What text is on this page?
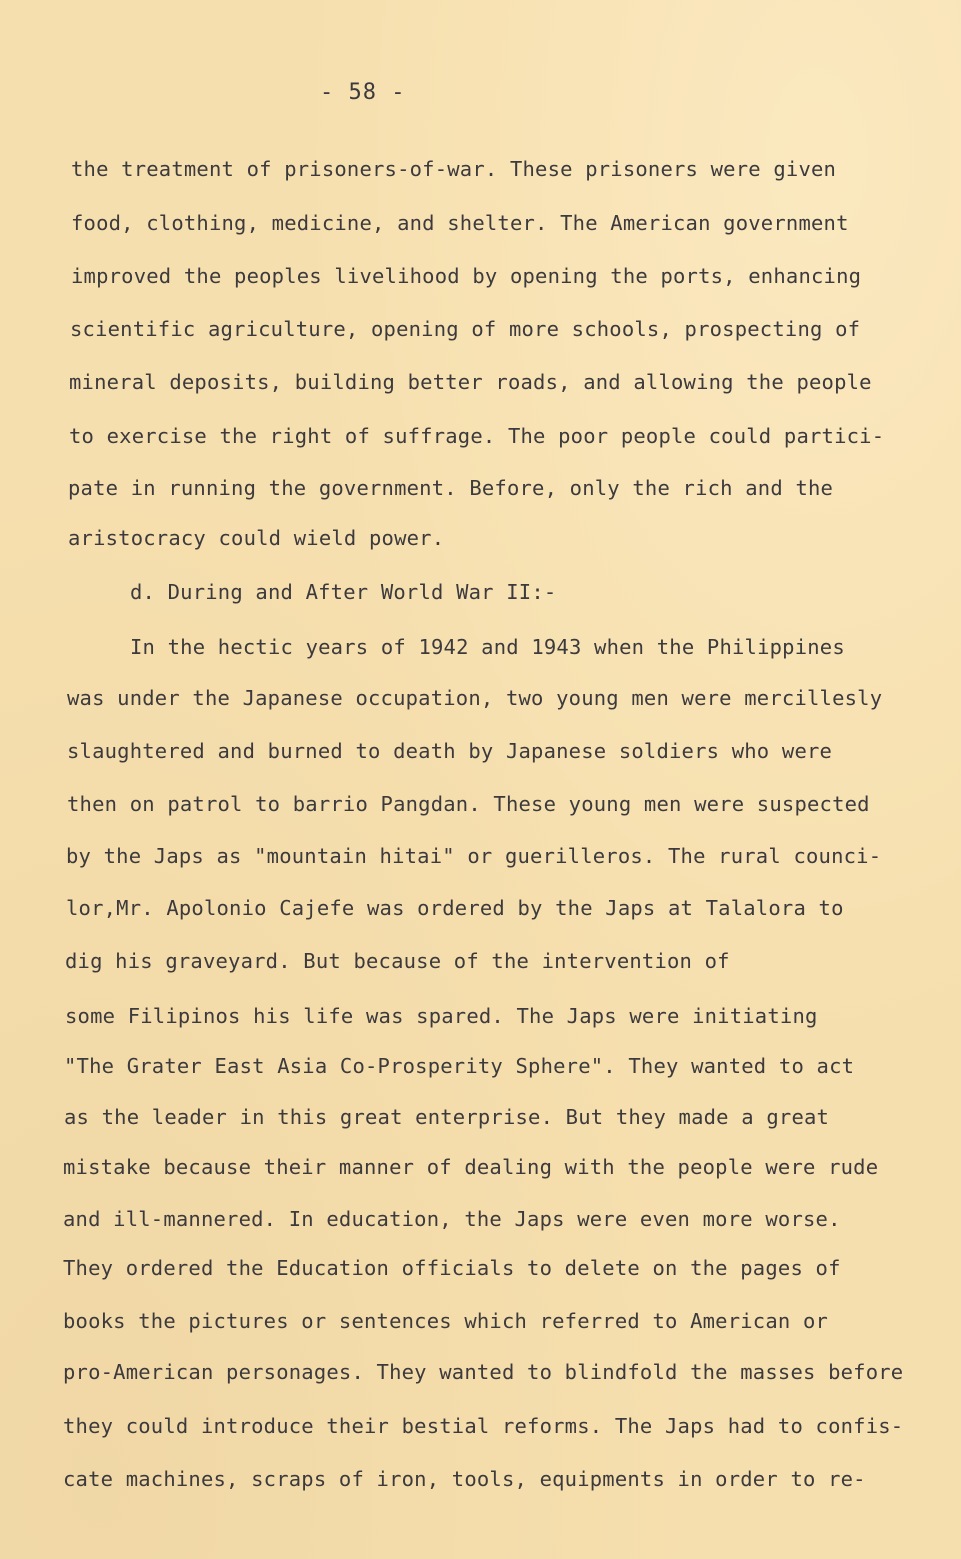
- 58 -
the treatment of prisoners-of-war. These prisoners were given
food, clothing, medicine, and shelter. The American government
improved the peoples livelihood by opening the ports, enhancing
scientific agriculture, opening of more schools, prospecting of
mineral deposits, building better roads, and allowing the people
to exercise the right of suffrage. The poor people could partici-
pate in running the government. Before, only the rich and the
aristocracy could wield power.
d. During and After World War II:-
In the hectic years of 1942 and 1943 when the Philippines
was under the Japanese occupation, two young men were mercillesly
slaughtered and burned to death by Japanese soldiers who were
then on patrol to barrio Pangdan. These young men were suspected
by the Japs as "mountain hitai" or guerilleros. The rural counci-
lor,Mr. Apolonio Cajefe was ordered by the Japs at Talalora to
dig his graveyard. But because of the intervention of
some Filipinos his life was spared. The Japs were initiating
"The Grater East Asia Co-Prosperity Sphere". They wanted to act
as the leader in this great enterprise. But they made a great
mistake because their manner of dealing with the people were rude
and ill-mannered. In education, the Japs were even more worse.
They ordered the Education officials to delete on the pages of
books the pictures or sentences which referred to American or
pro-American personages. They wanted to blindfold the masses before
they could introduce their bestial reforms. The Japs had to confis-
cate machines, scraps of iron, tools, equipments in order to re-
